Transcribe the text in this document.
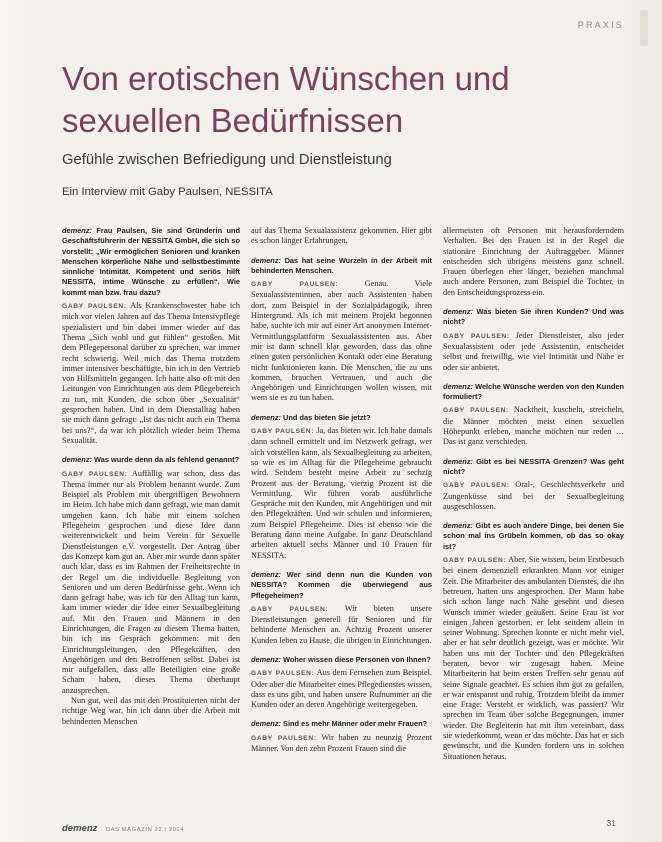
PRAXIS
Von erotischen Wünschen und sexuellen Bedürfnissen

Gefühle zwischen Befriedigung und Dienstleistung

Ein Interview mit Gaby Paulsen, NESSITA

demenz: Frau Paulsen, Sie sind Gründerin und Geschäftsführerin der NESSITA GmbH, die sich so vorstellt: „Wir ermöglichen Senioren und kranken Menschen körperliche Nähe und selbstbestimmte sinnliche Intimität. Kompetent und seriös hilft NESSITA, intime Wünsche zu erfüllen“. Wie kommt man bzw. frau dazu?

GABY PAULSEN: Als Krankenschwester habe ich mich vor vielen Jahren auf das Thema Intensivpflege spezialisiert und bin dabei immer wieder auf das Thema „Sich wohl und gut fühlen“ gestoßen. Mit dem Pflegepersonal darüber zu sprechen, war immer recht schwierig. Weil mich das Thema trotzdem immer intensiver beschäftigte, bin ich in den Vertrieb von Hilfsmitteln gegangen. Ich hatte also oft mit den Leitungen von Einrichtungen aus dem Pflegebereich zu tun, mit Kunden, die schon über „Sexualität“ gesprochen haben. Und in dem Dienstalltag haben sie mich dann gefragt: „Ist das nicht auch ein Thema bei uns?“, da war ich plötzlich wieder beim Thema Sexualität.

demenz: Was wurde denn da als fehlend genannt?

GABY PAULSEN: Auffällig war schon, dass das Thema immer nur als Problem benannt wurde. Zum Beispiel als Problem mit übergriffigen Bewohnern im Heim. Ich habe mich dann gefragt, wie man damit umgehen kann. Ich habe mit einem solchen Pflegeheim gesprochen und diese Idee dann weiterentwickelt und beim Verein für Sexuelle Dienstleistungen e.V. vorgestellt. Der Antrag über das Konzept kam gut an. Aber mir wurde dann später auch klar, dass es im Rahmen der Freiheitsrechte in der Regel um die individuelle Begleitung von Senioren und um deren Bedürfnisse geht. Wenn ich dann gefragt habe, was ich für den Alltag tun kann, kam immer wieder die Idee einer Sexualbegleitung auf. Mit den Frauen und Männern in den Einrichtungen, die Fragen zu diesem Thema hatten, bin ich ins Gespräch gekommen: mit den Einrichtungsleitungen, den Pflegekräften, den Angehörigen und den Betroffenen selbst. Dabei ist mir aufgefallen, dass alle Beteiligten eine große Scham haben, dieses Thema überhaupt anzusprechen.

Nun gut, weil das mit den Prostituierten nicht der richtige Weg war, bin ich dann über die Arbeit mit behinderten Menschen

auf das Thema Sexualassistenz gekommen. Hier gibt es schon länger Erfahrungen.

demenz: Das hat seine Wurzeln in der Arbeit mit behinderten Menschen.

GABY PAULSEN:	Genau. Viele Sexualassistentinnen, aber auch Assistenten haben dort, zum Beispiel in der Sozialpädagogik, ihren Hintergrund. Als ich mit meinem Projekt begonnen habe, suchte ich mir auf einer Art anonymen Internet-Vermittlungsplattform Sexualassistenten aus. Aber mir ist dann schnell klar geworden, dass das ohne einen guten persönlichen Kontakt oder eine Beratung nicht funktionieren kann. Die Menschen, die zu uns kommen, brauchen Vertrauen, und auch die Angehörigen und Einrichtungen wollen wissen, mit wem sie es zu tun haben.

demenz: Und das bieten Sie jetzt?

GABY PAULSEN: Ja, das bieten wir. Ich habe damals dann schnell ermittelt und im Netzwerk gefragt, wer sich vorstellen kann, als Sexualbegleitung zu arbeiten, so wie es im Alltag für die Pflegeheime gebraucht wird. Seitdem besteht meine Arbeit zu sechzig Prozent aus der Beratung, vierzig Prozent ist die Vermittlung. Wir führen vorab ausführliche Gespräche mit den Kunden, mit Angehörigen und mit den Pflegekräften. Und wir schulen und informieren, zum Beispiel Pflegeheime. Dies ist ebenso wie die Beratung dann meine Aufgabe. In ganz Deutschland arbeiten aktuell sechs Männer und 10 Frauen für NESSITA.

demenz: Wer sind denn nun die Kunden von NESSITA? Kommen die überwiegend aus Pflegeheimen?

GABY PAULSEN: Wir bieten unsere Dienstleistungen generell für Senioren und für behinderte Menschen an. Achtzig Prozent unserer Kunden leben zu Hause, die übrigen in Einrichtungen.

demenz: Woher wissen diese Personen von Ihnen?

GABY PAULSEN: Aus dem Fernsehen zum Beispiel. Oder aber die Mitarbeiter eines Pflegedienstes wissen, dass es uns gibt, und haben unsere Rufnummer an die Kunden oder an deren Angehörige weitergegeben.

demenz: Sind es mehr Männer oder mehr Frauen?

GABY PAULSEN: Wir haben zu neunzig Prozent Männer. Von den zehn Prozent Frauen sind die

allermeisten oft Personen mit herausforderndem Verhalten. Bei den Frauen ist in der Regel die stationäre Einrichtung der Auftraggeber. Männer entscheiden sich übrigens meistens ganz schnell. Frauen überlegen eher länger, beziehen manchmal auch andere Personen, zum Beispiel die Tochter, in den Entscheidungsprozess ein.

demenz: Was bieten Sie ihren Kunden? Und was nicht?

GABY PAULSEN: Jeder Dienstleister, also jeder Sexualassistent oder jede Assistentin, entscheidet selbst und freiwillig, wie viel Intimität und Nähe er oder sie anbietet.

demenz: Welche Wünsche werden von den Kunden formuliert?

GABY PAULSEN: Nacktheit, kuscheln, streicheln, die Männer möchten meist einen sexuellen Höhepunkt erleben, manche möchten nur reden … Das ist ganz verschieden.

demenz: Gibt es bei NESSITA Grenzen? Was geht nicht?

GABY PAULSEN: Oral-, Geschlechtsverkehr und Zungenküsse sind bei der Sexualbegleitung ausgeschlossen.

demenz: Gibt es auch andere Dinge, bei denen Sie schon mal ins Grübeln kommen, ob das so okay ist?

GABY PAULSEN: Aber, Sie wissen, beim Erstbesuch bei einem demenziell erkrankten Mann vor einiger Zeit. Die Mitarbeiter des ambulanten Dienstes, die ihn betreuen, hatten uns angesprochen. Der Mann habe sich schon lange nach Nähe gesehnt und diesen Wunsch immer wieder geäußert. Seine Frau ist vor einigen Jahren gestorben, er lebt seitdem allein in seiner Wohnung. Sprechen konnte er nicht mehr viel, aber er hat sehr deutlich gezeigt, was er möchte. Wir haben uns mit der Tochter und den Pflegekräften beraten, bevor wir zugesagt haben. Meine Mitarbeiterin hat beim ersten Treffen sehr genau auf seine Signale geachtet. Es schien ihm gut zu gefallen, er war entspannt und ruhig. Trotzdem bleibt da immer eine Frage: Versteht er wirklich, was passiert? Wir sprechen im Team über solche Begegnungen, immer wieder. Die Begleiterin hat mit ihm vereinbart, dass sie wiederkommt, wenn er das möchte. Das hat er sich gewünscht, und die Kunden fordern uns in solchen Situationen heraus.

demenz DAS MAGAZIN 22 | 2014
31
